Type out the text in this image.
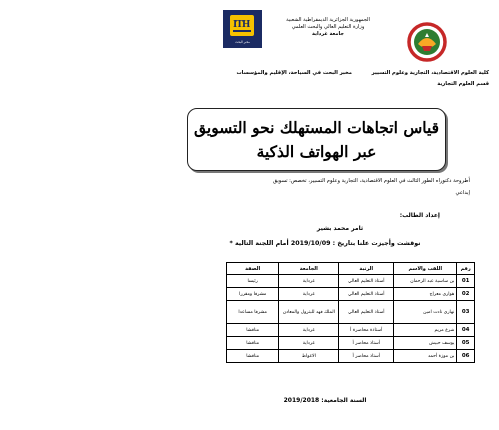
الجمهورية الجزائرية الديمقراطية الشعبية
وزارة التعليم العالي والبحث العلمي
جامعة غرداية
ITH
مخبر البحث
كلية العلوم الاقتصادية، التجارية وعلوم التسيير
قسم العلوم التجارية
مخبر البحث في السياحة، الإقليم والمؤسسات
قياس اتجاهات المستهلك نحو التسويق
عبر الهواتف الذكية
أطروحة دكتوراه الطور الثالث في العلوم الاقتصادية، التجارية وعلوم التسيير، تخصص: تسويق
إبداعي
إعداد الطالب:
ثامر محمد بشير
نوقشت وأجيزت علنا بتاريخ : 2019/10/09 أمام اللجنة التالية *
رقم	اللقب والاسم	الرتبة	الجامعة	الصفة
01	بن ساسية عبد الرحمان	أستاذ التعليم العالي	غرداية	رئيسا
02	هواري معراج	أستاذ التعليم العالي	غرداية	مشرفا ومقررا
03	نهاري نادت امين	أستاذ التعليم العالي	الملك فهد للبترول والمعادن	مشرفا مساعدا
04	شرع مريم	أستاذة محاضرة أ	غرداية	مناقشا
05	يوسف حبيش	أستاذ محاضر أ	غرداية	مناقشا
06	بن موزة أحمد	أستاذ محاضر أ	الاغواط	مناقشا
السنة الجامعية: 2019/2018
